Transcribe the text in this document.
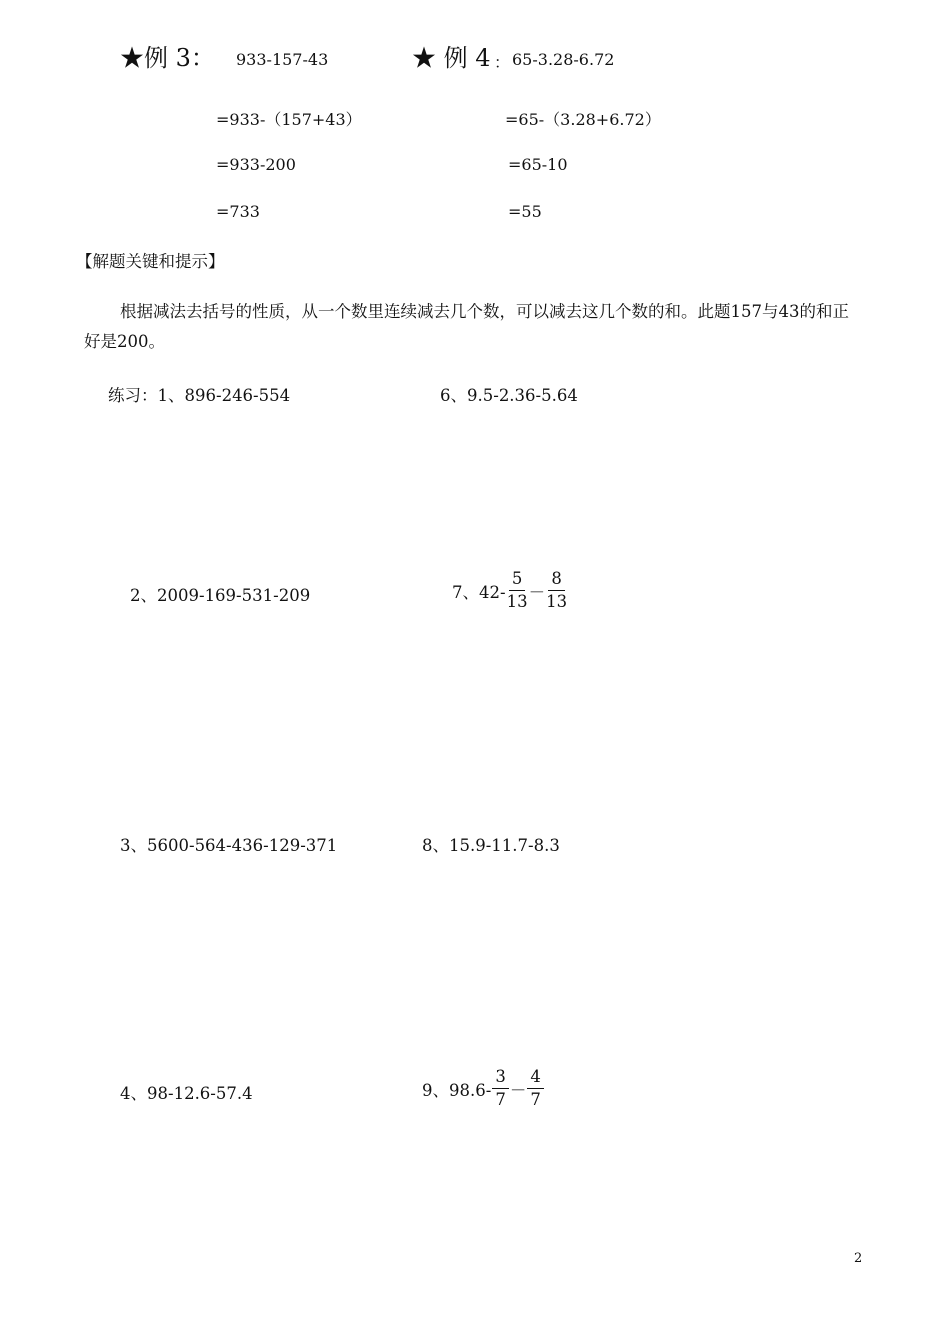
★例 3： 933-157-43
=933-（157+43）
=933-200
=733
★ 例 4 ： 65-3.28-6.72
=65-（3.28+6.72）
=65-10
=55
【解题关键和提示】
根据减法去括号的性质，从一个数里连续减去几个数，可以减去这几个数的和。此题157与43的和正好是200。
练习：1、896-246-554	6、9.5-2.36-5.64
2、2009-169-531-209	7、$42- \frac{5}{13} - \frac{8}{13}$
3、5600-564-436-129-371	8、15.9-11.7-8.3
4、98-12.6-57.4	9、$98.6- \frac{3}{7} - \frac{4}{7}$
2
